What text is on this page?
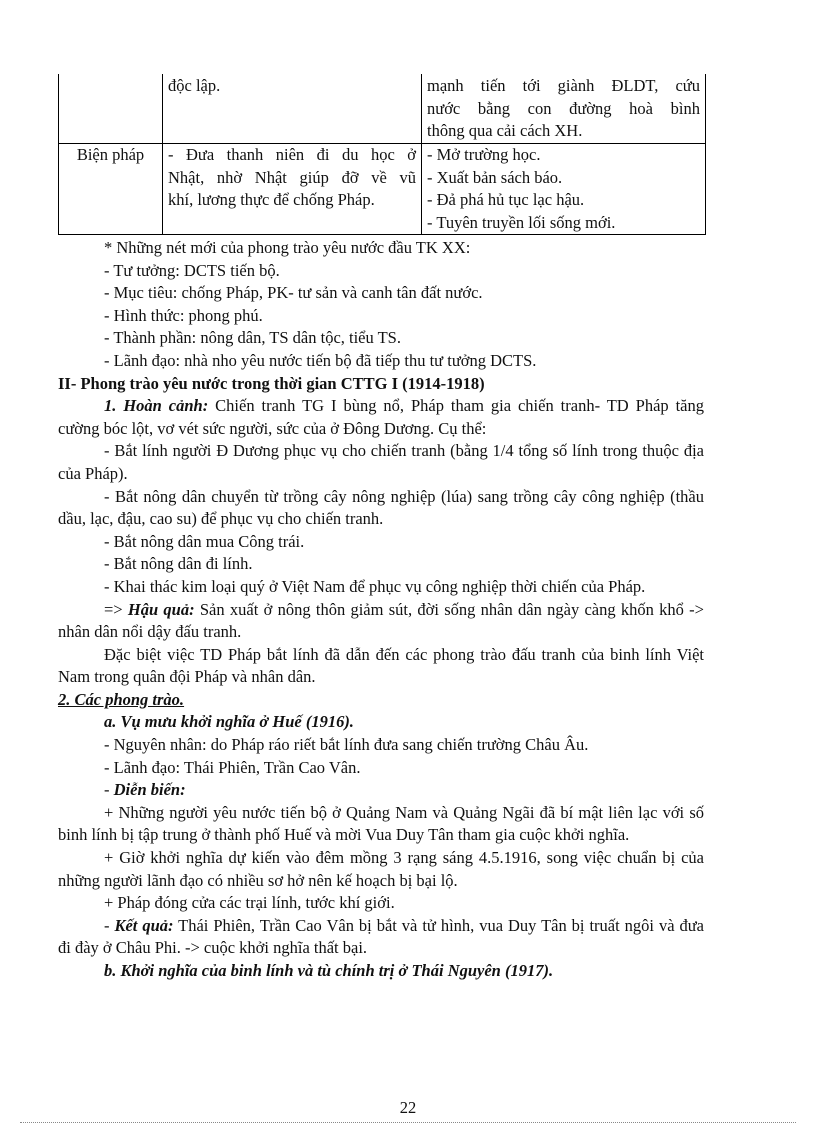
	độc lập.	mạnh tiến tới giành ĐLDT, cứu
nước bằng con đường hoà bình
thông qua cải cách XH.

Biện pháp	- Đưa thanh niên đi du học ở
Nhật, nhờ Nhật giúp đỡ về vũ
khí, lương thực để chống Pháp.	- Mở trường học.
- Xuất bản sách báo.
- Đả phá hủ tục lạc hậu.
- Tuyên truyền lối sống mới.

* Những nét mới của phong trào yêu nước đầu TK XX:

- Tư tưởng: DCTS tiến bộ.

- Mục tiêu: chống Pháp, PK- tư sản và canh tân đất nước.

- Hình thức: phong phú.

- Thành phần: nông dân, TS dân tộc, tiểu TS.

- Lãnh đạo: nhà nho yêu nước tiến bộ đã tiếp thu tư tưởng DCTS.

II- Phong trào yêu nước trong thời gian CTTG I (1914-1918)

1. Hoàn cảnh: Chiến tranh TG I bùng nổ, Pháp tham gia chiến tranh- TD Pháp tăng cường bóc lột, vơ vét sức người, sức của ở Đông Dương. Cụ thể:

- Bắt lính người Đ Dương phục vụ cho chiến tranh (bằng 1/4 tổng số lính trong thuộc địa của Pháp).

- Bắt nông dân chuyển từ trồng cây nông nghiệp (lúa) sang trồng cây công nghiệp (thầu dầu, lạc, đậu, cao su) để phục vụ cho chiến tranh.

- Bắt nông dân mua Công trái.

- Bắt nông dân đi lính.

- Khai thác kim loại quý ở Việt Nam để phục vụ công nghiệp thời chiến của Pháp.

=> Hậu quả: Sản xuất ở nông thôn giảm sút, đời sống nhân dân ngày càng khốn khổ -> nhân dân nổi dậy đấu tranh.

Đặc biệt việc TD Pháp bắt lính đã dẫn đến các phong trào đấu tranh của binh lính Việt Nam trong quân đội Pháp và nhân dân.

2. Các phong trào.

a. Vụ mưu khởi nghĩa ở Huế (1916).

- Nguyên nhân: do Pháp ráo riết bắt lính đưa sang chiến trường Châu Âu.

- Lãnh đạo: Thái Phiên, Trần Cao Vân.

- Diễn biến:

+ Những người yêu nước tiến bộ ở Quảng Nam và Quảng Ngãi đã bí mật liên lạc với số binh lính bị tập trung ở thành phố Huế và mời Vua Duy Tân tham gia cuộc khởi nghĩa.

+ Giờ khởi nghĩa dự kiến vào đêm mồng 3 rạng sáng 4.5.1916, song việc chuẩn bị của những người lãnh đạo có nhiều sơ hở nên kế hoạch bị bại lộ.

+ Pháp đóng cửa các trại lính, tước khí giới.

- Kết quả: Thái Phiên, Trần Cao Vân bị bắt và tử hình, vua Duy Tân bị truất ngôi và đưa đi đày ở Châu Phi. -> cuộc khởi nghĩa thất bại.

b. Khởi nghĩa của binh lính và tù chính trị ở Thái Nguyên (1917).

22
